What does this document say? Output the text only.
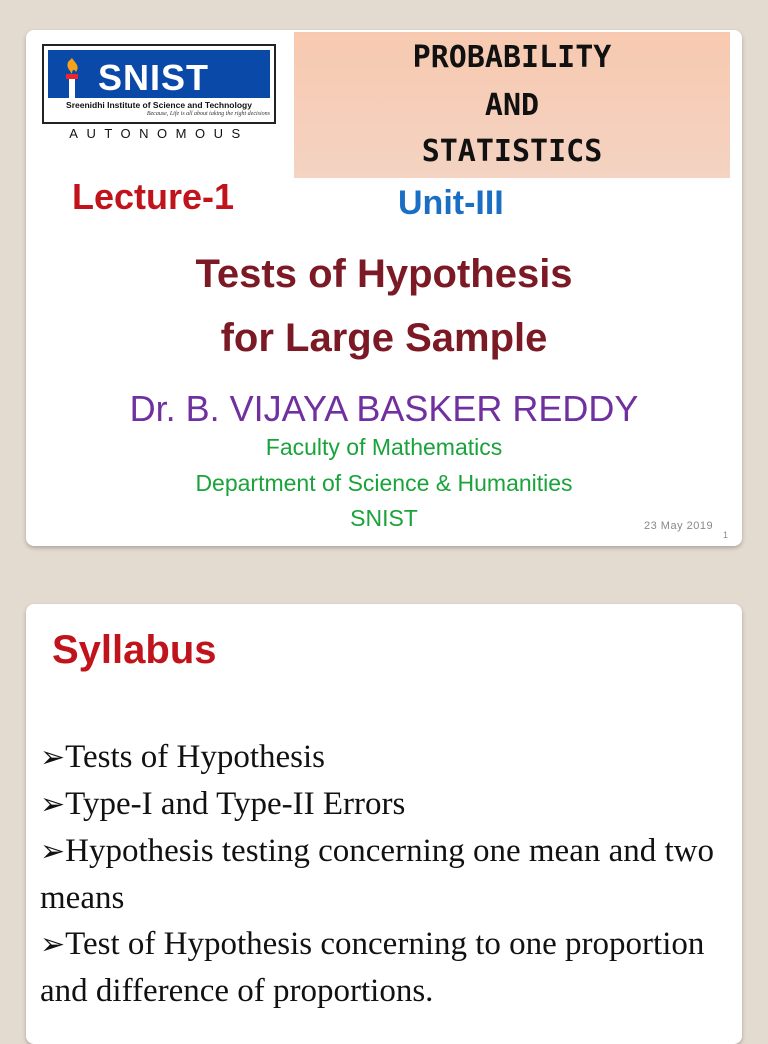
SNIST
Sreenidhi Institute of Science and Technology
Because, Life is all about taking the right decisions
AUTONOMOUS
PROBABILITY
AND
STATISTICS
Lecture-1	Unit-III
Tests of Hypothesis
for Large Sample
Dr. B. VIJAYA BASKER REDDY
Faculty of Mathematics
Department of Science & Humanities
SNIST	23 May 2019
1
Syllabus
➢Tests of Hypothesis
➢Type-I and Type-II Errors
➢Hypothesis testing concerning one mean and two means
➢Test of Hypothesis concerning to one proportion and difference of proportions.
